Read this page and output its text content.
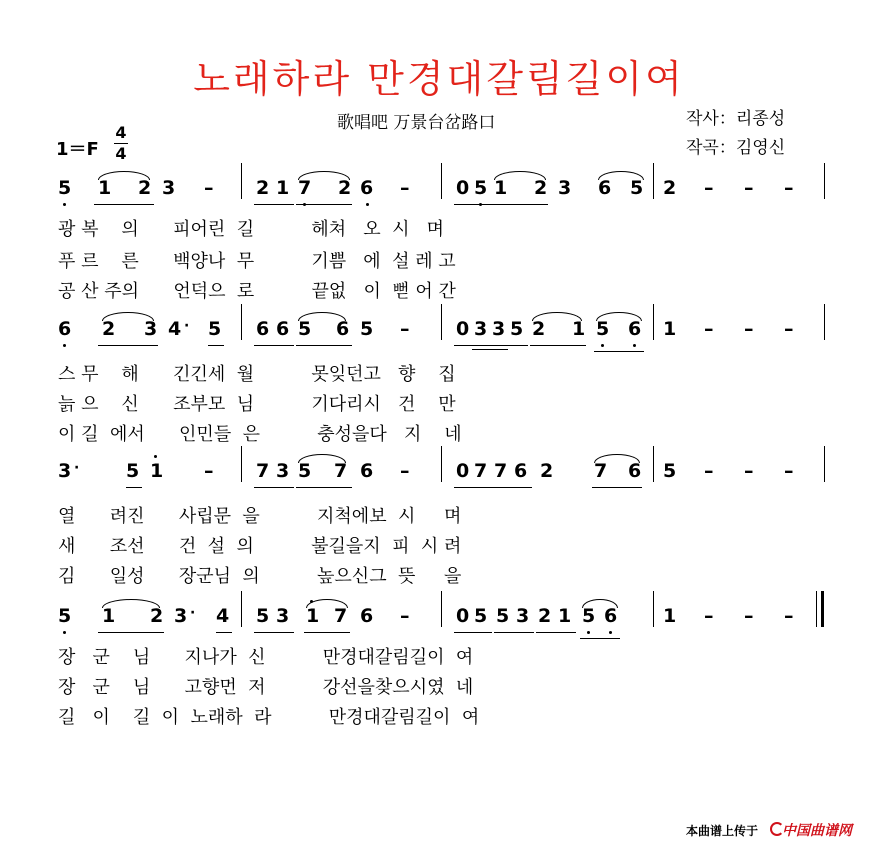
노래하라 만경대갈림길이여
歌唱吧 万景台岔路口	작사：리종성
작곡：김영신
1＝F
4
4
5 1 2 3 – 2 1 7 2 6 – 0 5 1 2 3 6 5 2 – – –
광 복    의      피어린  길          헤쳐   오  시   며
푸 르    른      백양나  무          기쁨   에  설 레 고
공 산 주의      언덕으  로          끝없   이  뻗 어 간
6 2 3 4 · 5 6 6 5 6 5 – 0 3 3 5 2 1 5 6 1 – – –
스 무    해      긴긴세  월          못잊던고   향    집
늙 으    신      조부모  님          기다리시   건    만
이 길  에서      인민들  은          충성을다   지    네
3 · 5 1 – 7 3 5 7 6 – 0 7 7 6 2 7 6 5 – – –
열      려진      사립문  을          지척에보  시     며
새      조선      건  설  의          불길을지  피  시 려
김      일성      장군님  의          높으신그  뜻     을
5 1 2 3 · 4 5 3 1 7 6 – 0 5 5 3 2 1 5 6 1 – – –
장   군    님      지나가  신          만경대갈림길이  여
장   군    님      고향먼  저          강선을찾으시였  네
길   이    길  이  노래하  라          만경대갈림길이  여
本曲谱上传于 中国曲谱网
